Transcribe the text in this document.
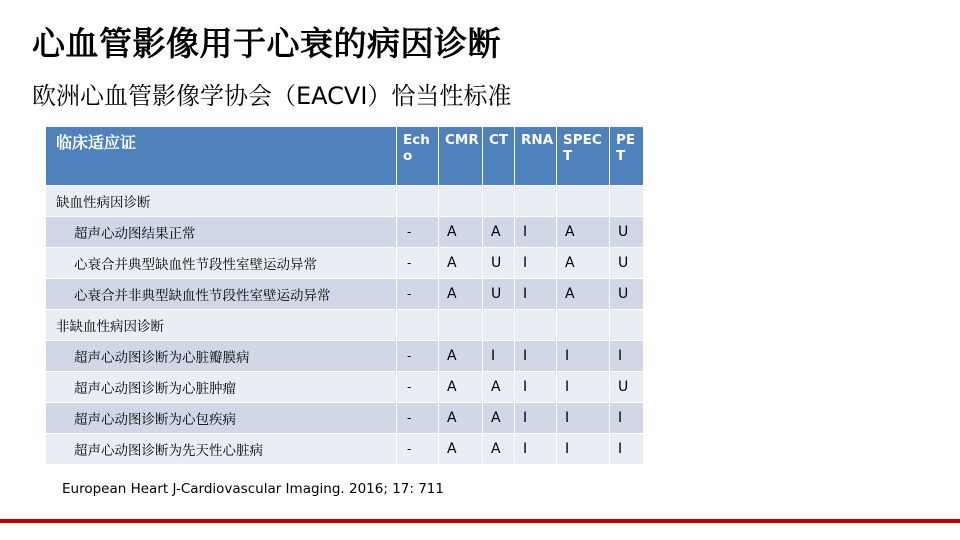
心血管影像用于心衰的病因诊断
欧洲心血管影像学协会（EACVI）恰当性标准
临床适应证	Echo	CMR	CT	RNA	SPECT	PET
缺血性病因诊断						
超声心动图结果正常	-	A	A	I	A	U
心衰合并典型缺血性节段性室壁运动异常	-	A	U	I	A	U
心衰合并非典型缺血性节段性室壁运动异常	-	A	U	I	A	U
非缺血性病因诊断						
超声心动图诊断为心脏瓣膜病	-	A	I	I	I	I
超声心动图诊断为心脏肿瘤	-	A	A	I	I	U
超声心动图诊断为心包疾病	-	A	A	I	I	I
超声心动图诊断为先天性心脏病	-	A	A	I	I	I
European Heart J-Cardiovascular Imaging. 2016; 17: 711
